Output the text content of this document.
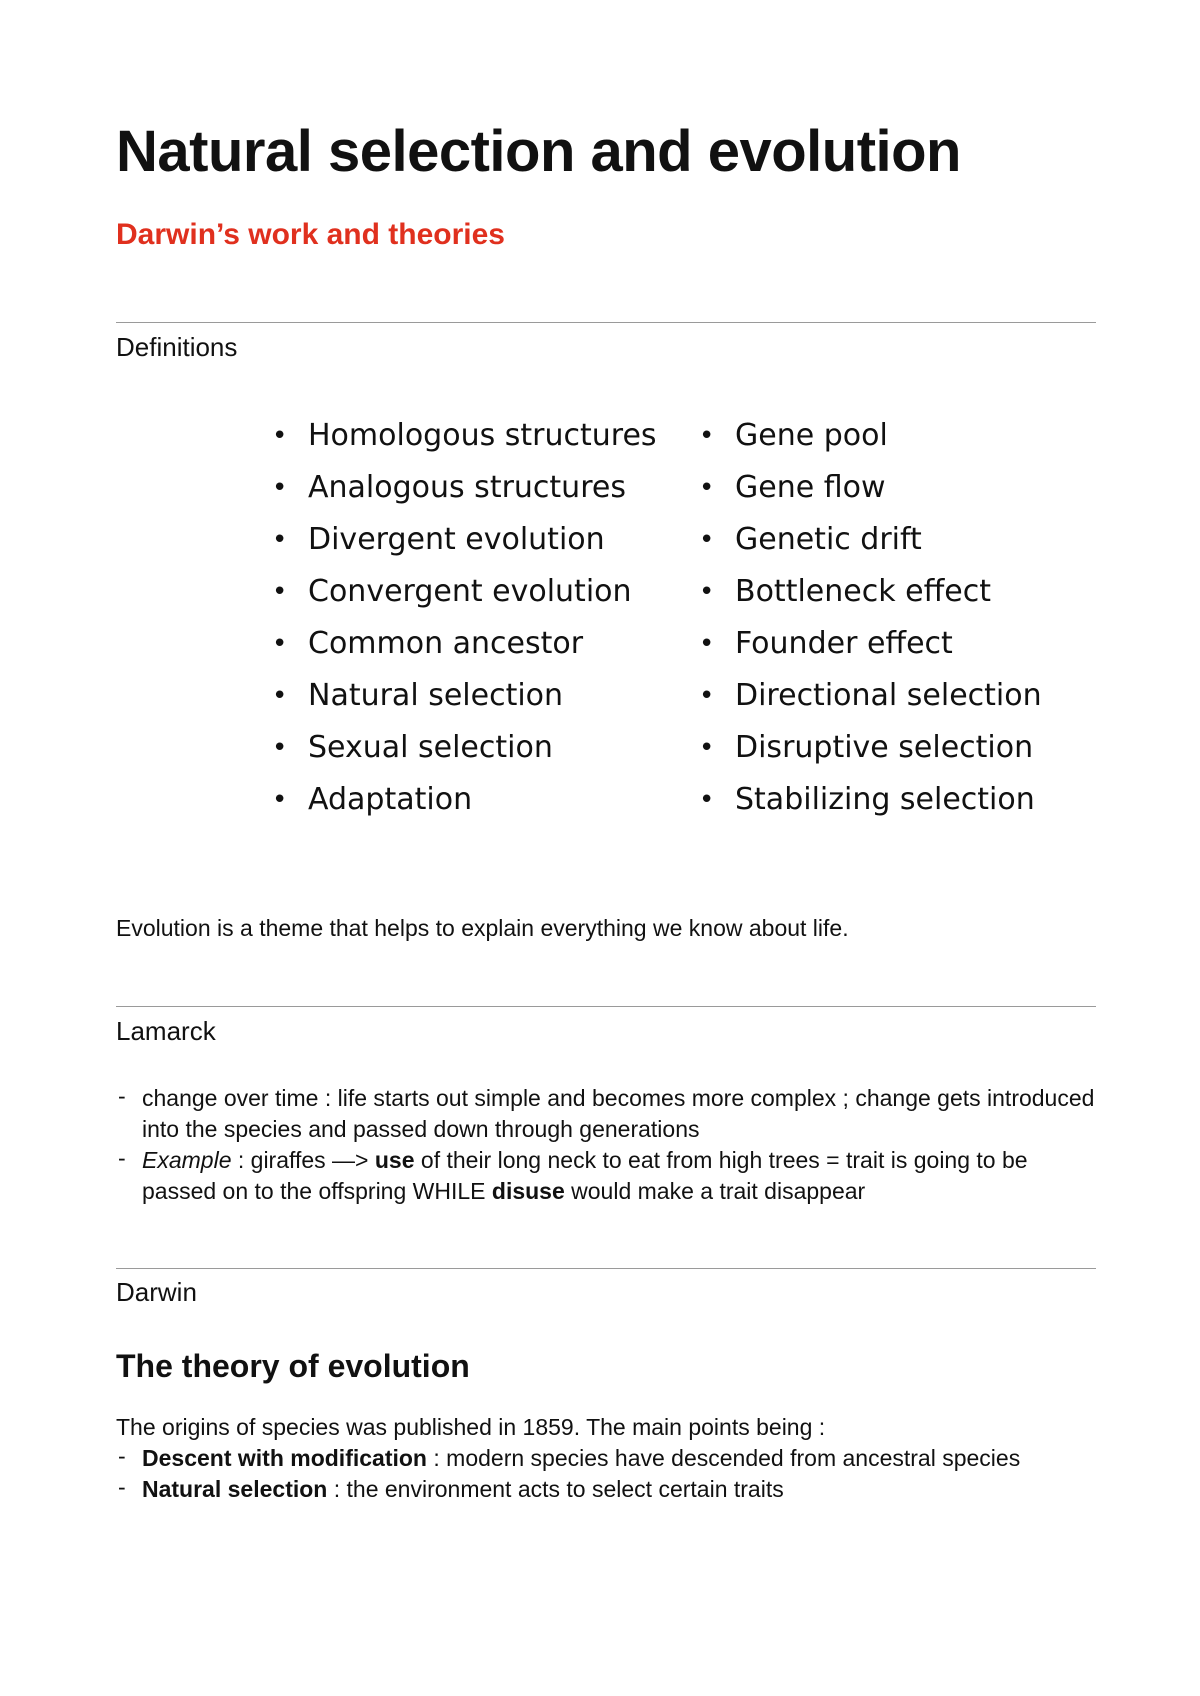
Natural selection and evolution
Darwin’s work and theories

Definitions

• Homologous structures
• Analogous structures
• Divergent evolution
• Convergent evolution
• Common ancestor
• Natural selection
• Sexual selection
• Adaptation
• Gene pool
• Gene flow
• Genetic drift
• Bottleneck effect
• Founder effect
• Directional selection
• Disruptive selection
• Stabilizing selection

Evolution is a theme that helps to explain everything we know about life.

Lamarck

- change over time : life starts out simple and becomes more complex ; change gets introduced into the species and passed down through generations
- Example : giraffes —> use of their long neck to eat from high trees = trait is going to be passed on to the offspring WHILE disuse would make a trait disappear

Darwin

The theory of evolution

The origins of species was published in 1859. The main points being :

- Descent with modification : modern species have descended from ancestral species
- Natural selection : the environment acts to select certain traits
